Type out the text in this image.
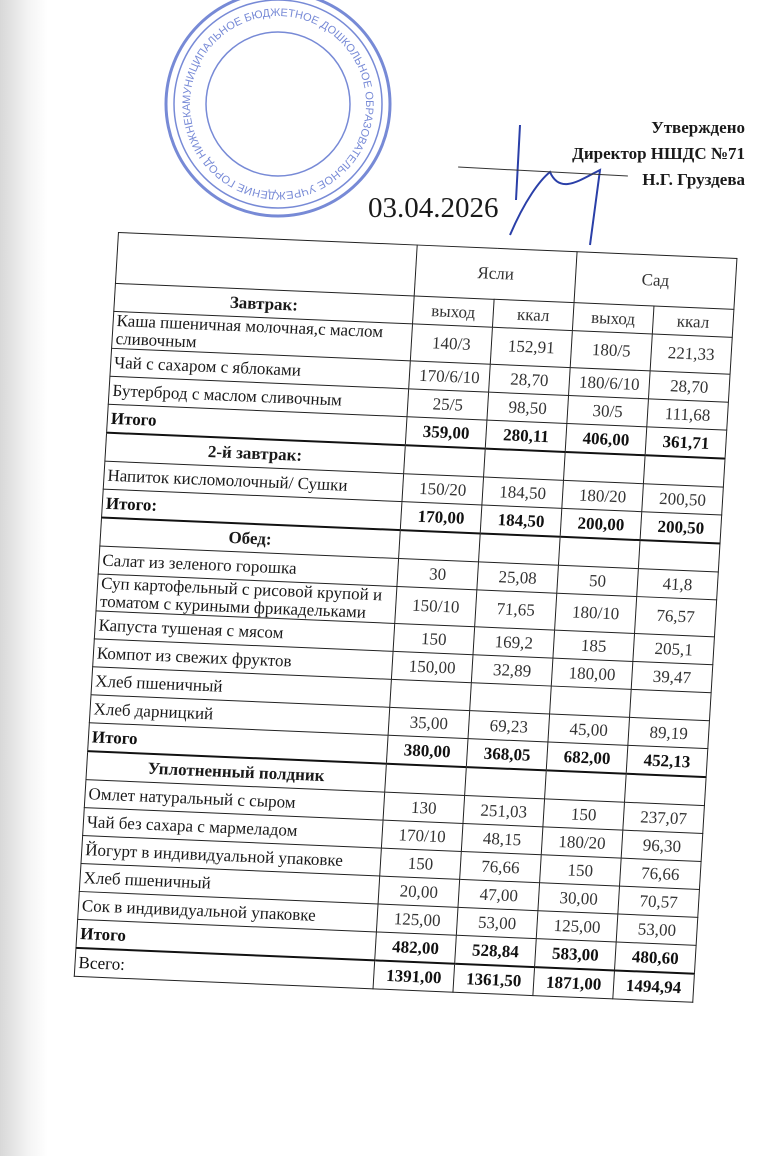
МУНИЦИПАЛЬНОЕ БЮДЖЕТНОЕ ДОШКОЛЬНОЕ ОБРАЗОВАТЕЛЬНОЕ УЧРЕЖДЕНИЕ ГОРОД НИЖНЕКА
Утверждено
Директор НШДС №71
Н.Г. Груздева
03.04.2026
	Ясли		Сад	
Завтрак:	выход	ккал	выход	ккал
Каша пшеничная молочная,с маслом сливочным	140/3	152,91	180/5	221,33
Чай с сахаром с яблоками	170/6/10	28,70	180/6/10	28,70
Бутерброд с маслом сливочным	25/5	98,50	30/5	111,68
Итого	359,00	280,11	406,00	361,71
2-й завтрак:				
Напиток кисломолочный/ Сушки	150/20	184,50	180/20	200,50
Итого:	170,00	184,50	200,00	200,50
Обед:				
Салат из зеленого горошка	30	25,08	50	41,8
Суп картофельный с рисовой крупой и томатом с куриными фрикадельками	150/10	71,65	180/10	76,57
Капуста тушеная с мясом	150	169,2	185	205,1
Компот из свежих фруктов	150,00	32,89	180,00	39,47
Хлеб пшеничный				
Хлеб дарницкий	35,00	69,23	45,00	89,19
Итого	380,00	368,05	682,00	452,13
Уплотненный полдник				
Омлет натуральный с сыром	130	251,03	150	237,07
Чай без сахара с мармеладом	170/10	48,15	180/20	96,30
Йогурт в индивидуальной упаковке	150	76,66	150	76,66
Хлеб пшеничный	20,00	47,00	30,00	70,57
Сок в индивидуальной упаковке	125,00	53,00	125,00	53,00
Итого	482,00	528,84	583,00	480,60
Всего:	1391,00	1361,50	1871,00	1494,94
